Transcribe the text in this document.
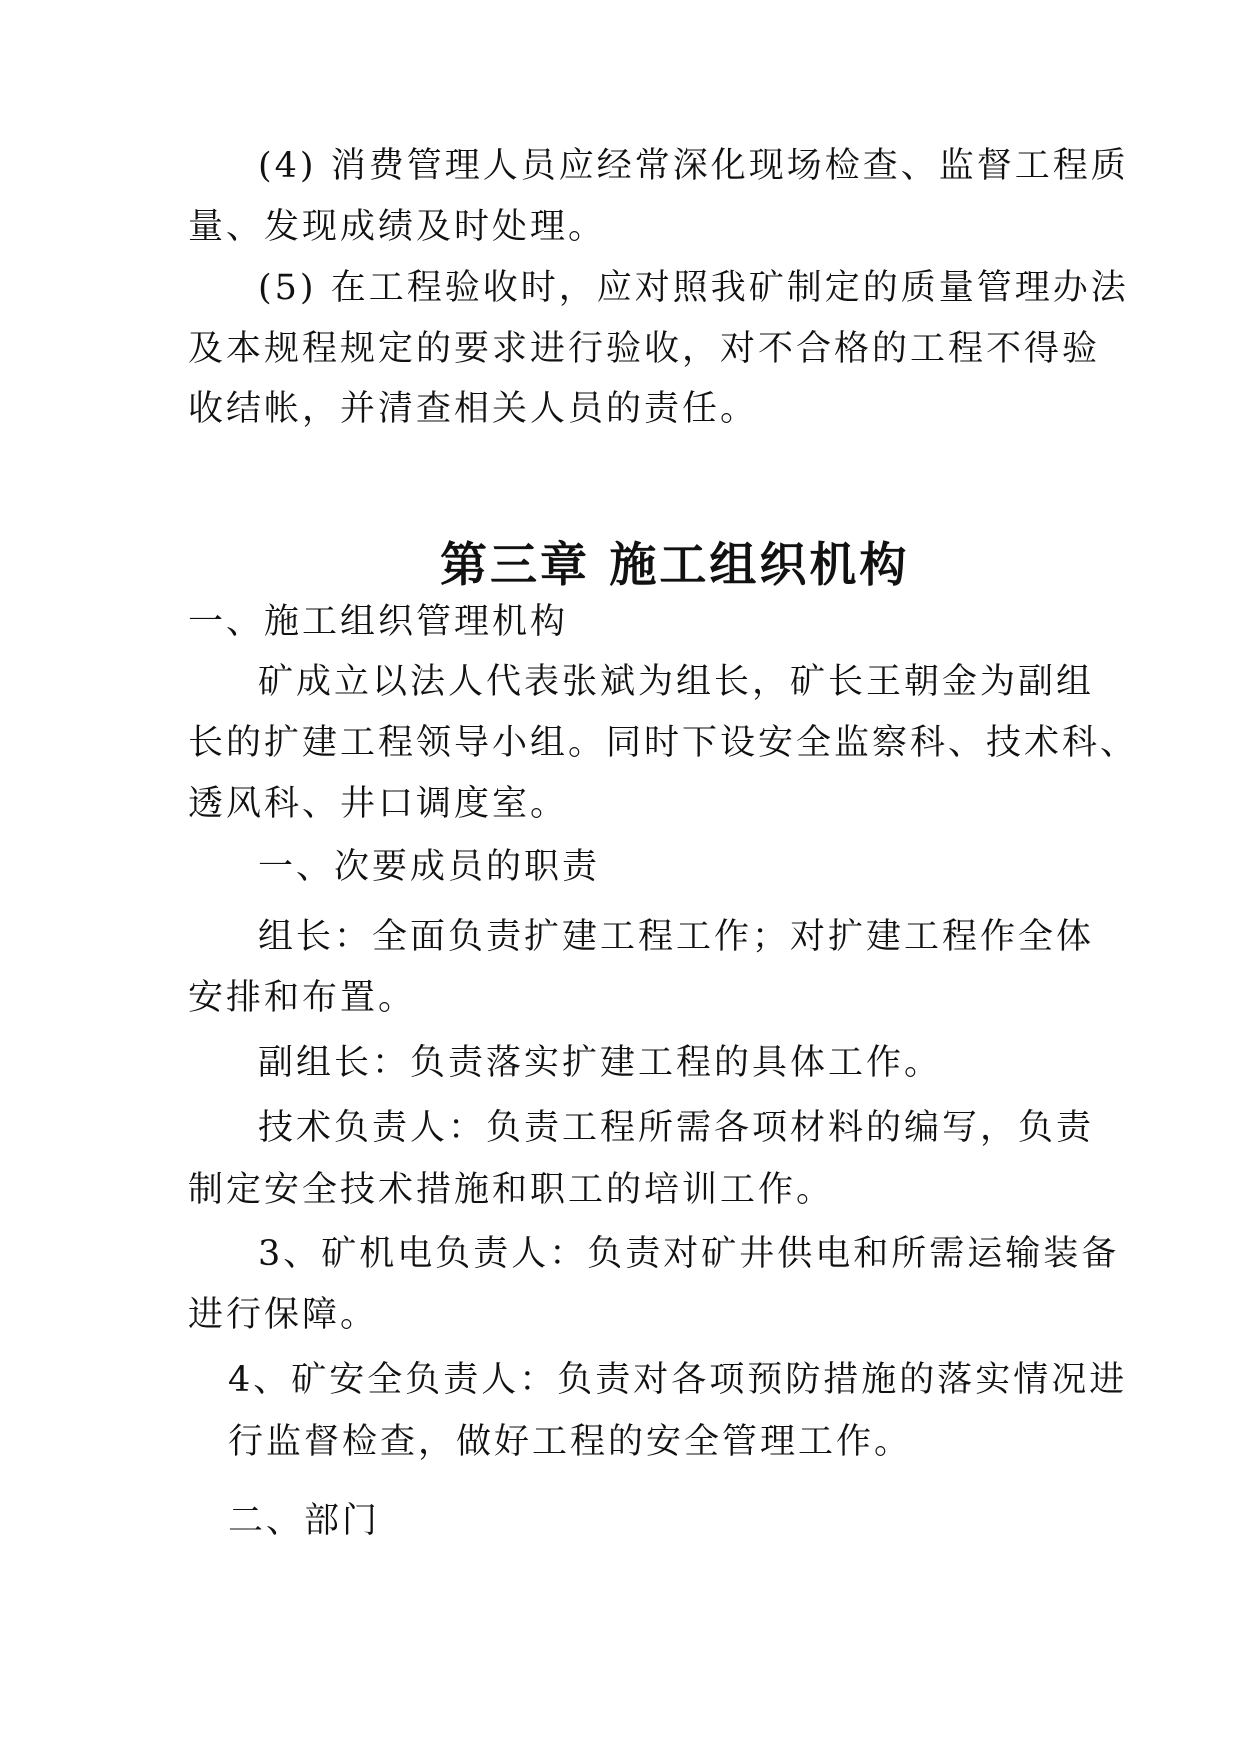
(4) 消费管理人员应经常深化现场检查、监督工程质
量、发现成绩及时处理。
(5) 在工程验收时，应对照我矿制定的质量管理办法
及本规程规定的要求进行验收，对不合格的工程不得验
收结帐，并清查相关人员的责任。
第三章 施工组织机构
一、施工组织管理机构
矿成立以法人代表张斌为组长，矿长王朝金为副组
长的扩建工程领导小组。同时下设安全监察科、技术科、
透风科、井口调度室。
一、次要成员的职责
组长：全面负责扩建工程工作；对扩建工程作全体
安排和布置。
副组长：负责落实扩建工程的具体工作。
技术负责人：负责工程所需各项材料的编写，负责
制定安全技术措施和职工的培训工作。
3、矿机电负责人：负责对矿井供电和所需运输装备
进行保障。
4、矿安全负责人：负责对各项预防措施的落实情况进
行监督检查，做好工程的安全管理工作。
二、部门
